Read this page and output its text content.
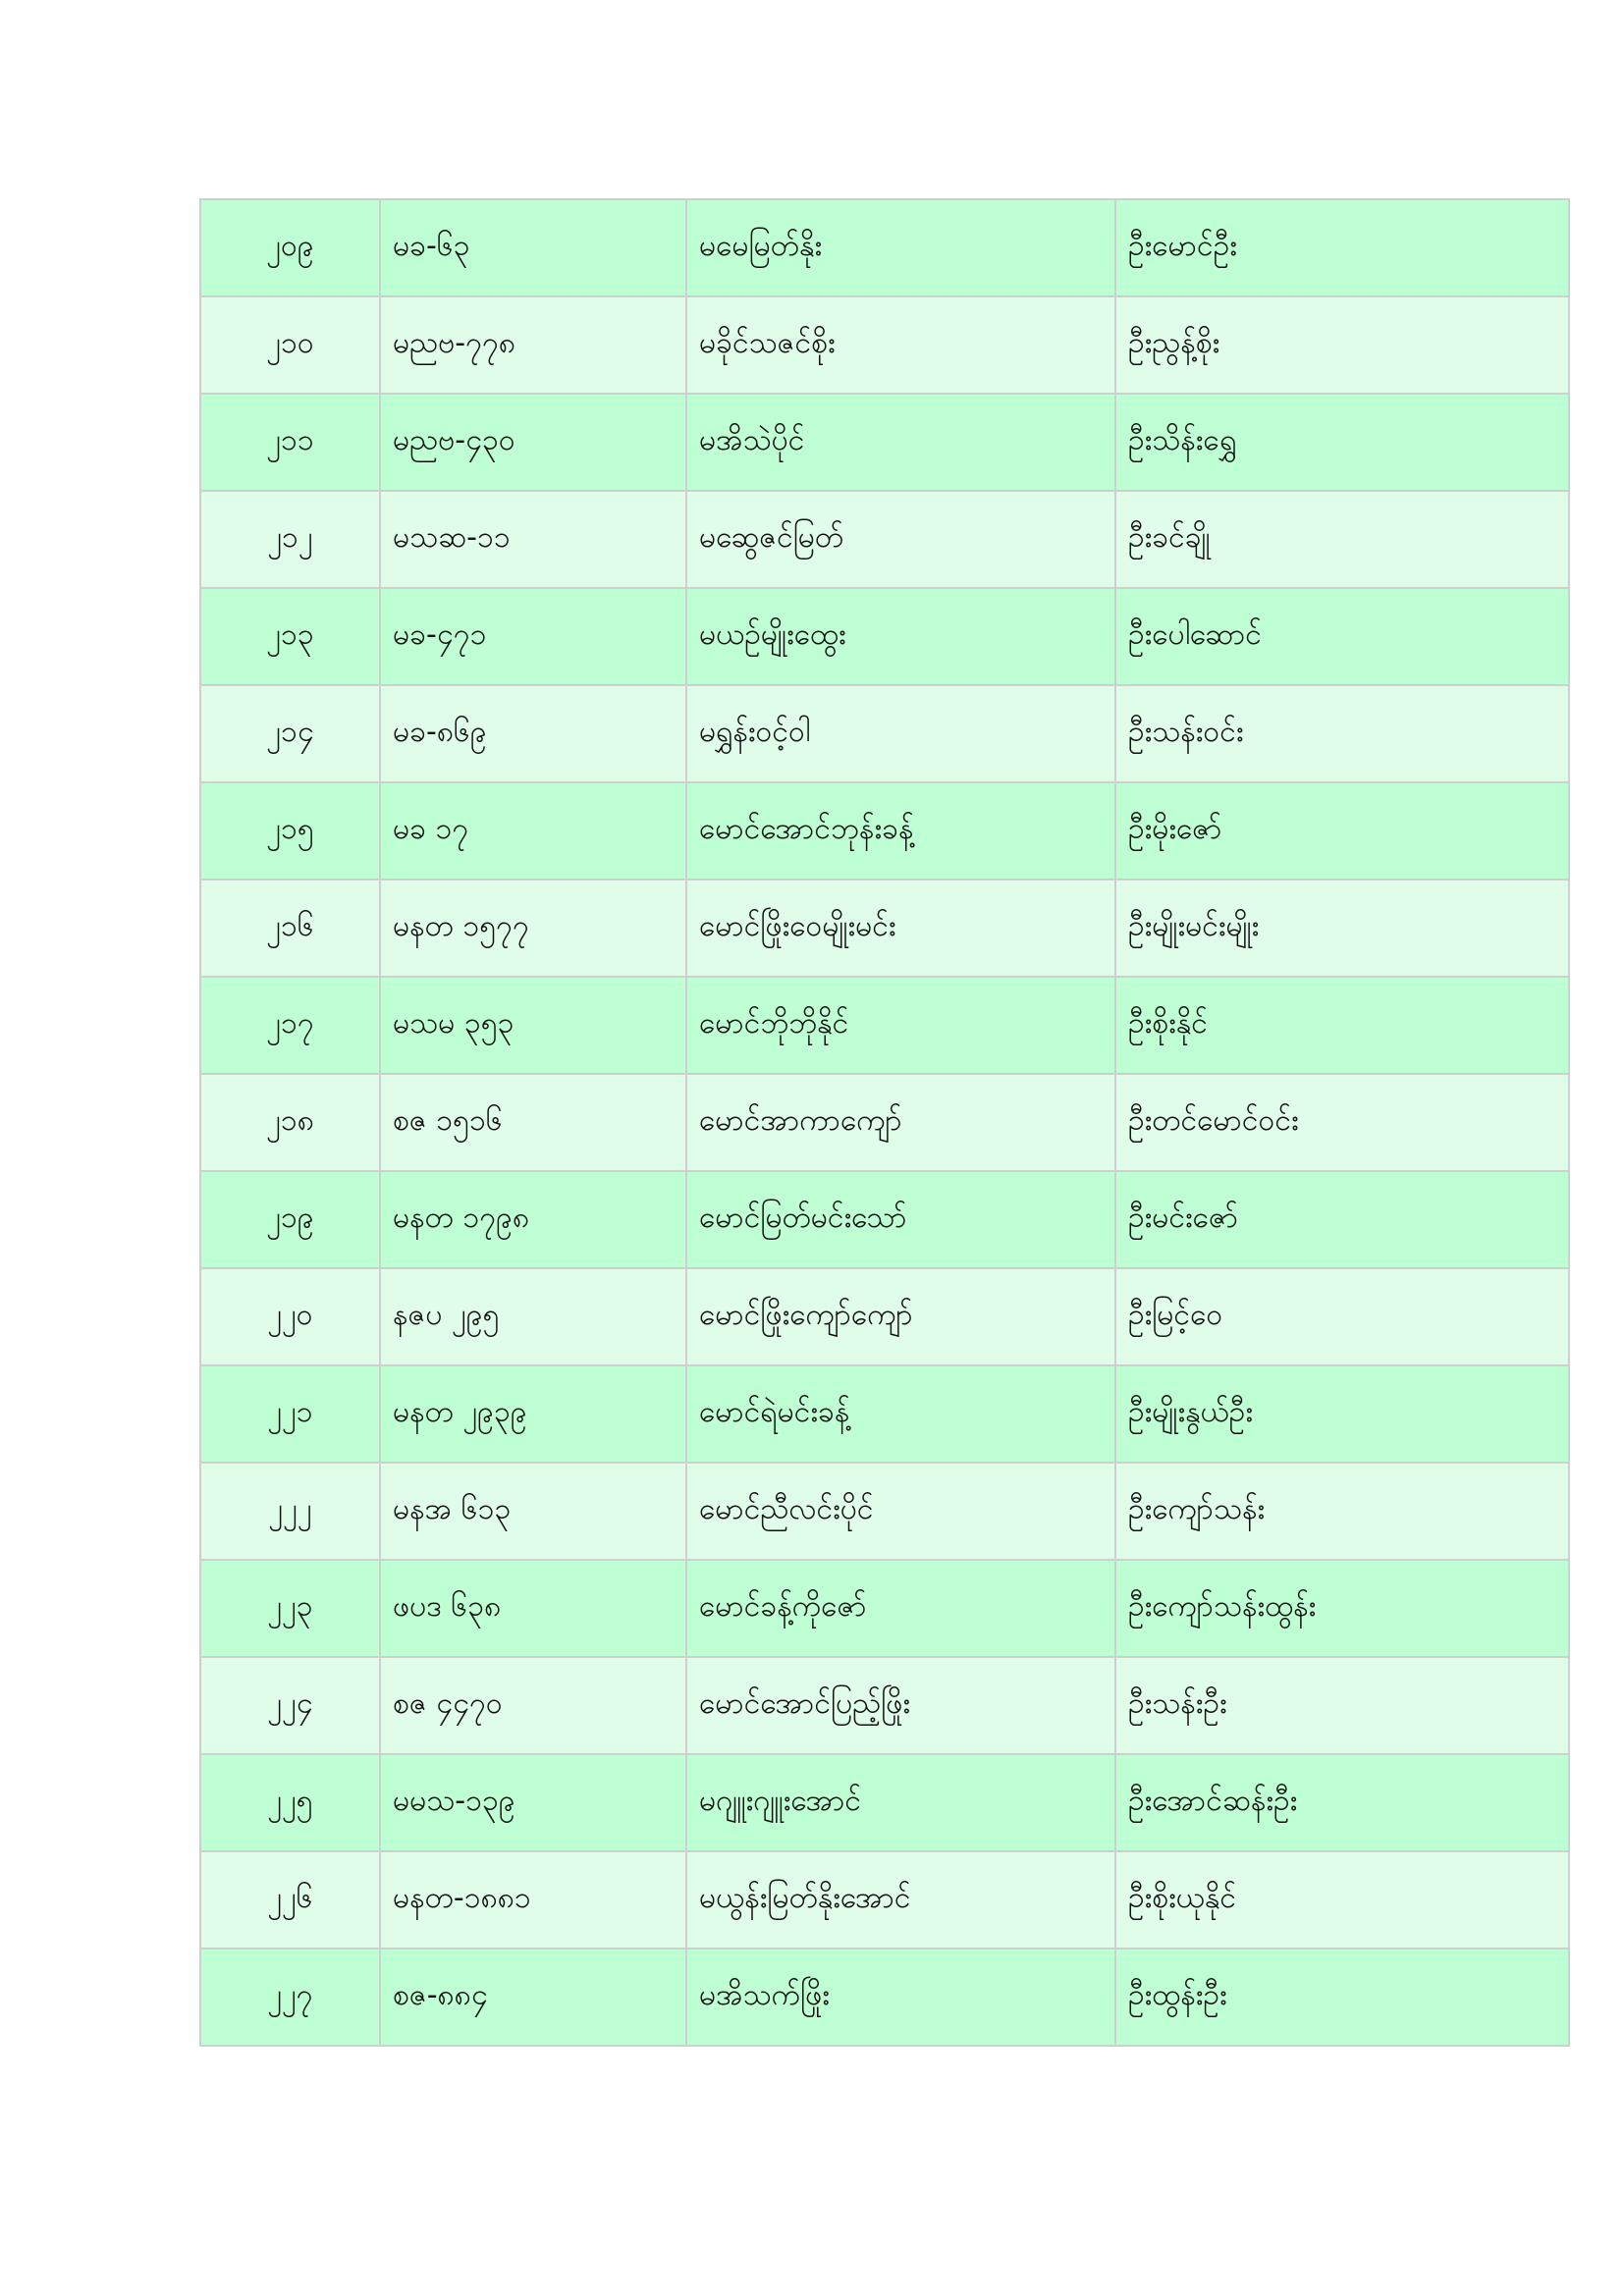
၂၀၉	မခ-၆၃	မမေမြတ်နိုး	ဦးမောင်ဦး
၂၁၀	မညဗ-၇၇၈	မခိုင်သဇင်စိုး	ဦးညွန့်စိုး
၂၁၁	မညဗ-၄၃၀	မအိသဲပိုင်	ဦးသိန်းရွှေ
၂၁၂	မသဆ-၁၁	မဆွေဇင်မြတ်	ဦးခင်ချို
၂၁၃	မခ-၄၇၁	မယဉ်မျိုးထွေး	ဦးပေါဆောင်
၂၁၄	မခ-၈၆၉	မရွှန်းဝင့်ဝါ	ဦးသန်းဝင်း
၂၁၅	မခ ၁၇	မောင်အောင်ဘုန်းခန့်	ဦးမိုးဇော်
၂၁၆	မနတ ၁၅၇၇	မောင်ဖြိုးဝေမျိုးမင်း	ဦးမျိုးမင်းမျိုး
၂၁၇	မသမ ၃၅၃	မောင်ဘိုဘိုနိုင်	ဦးစိုးနိုင်
၂၁၈	စဇ ၁၅၁၆	မောင်အာကာကျော်	ဦးတင်မောင်ဝင်း
၂၁၉	မနတ ၁၇၉၈	မောင်မြတ်မင်းသော်	ဦးမင်းဇော်
၂၂၀	နဇပ ၂၉၅	မောင်ဖြိုးကျော်ကျော်	ဦးမြင့်ဝေ
၂၂၁	မနတ ၂၉၃၉	မောင်ရဲမင်းခန့်	ဦးမျိုးနွယ်ဦး
၂၂၂	မနအ ၆၁၃	မောင်ညီလင်းပိုင်	ဦးကျော်သန်း
၂၂၃	ဖပဒ ၆၃၈	မောင်ခန့်ကိုဇော်	ဦးကျော်သန်းထွန်း
၂၂၄	စဇ ၄၄၇၀	မောင်အောင်ပြည့်ဖြိုး	ဦးသန်းဦး
၂၂၅	မမသ-၁၃၉	မဂျူးဂျူးအောင်	ဦးအောင်ဆန်းဦး
၂၂၆	မနတ-၁၈၈၁	မယွန်းမြတ်နိုးအောင်	ဦးစိုးယုနိုင်
၂၂၇	စဇ-၈၈၄	မအိသက်ဖြိုး	ဦးထွန်းဦး
